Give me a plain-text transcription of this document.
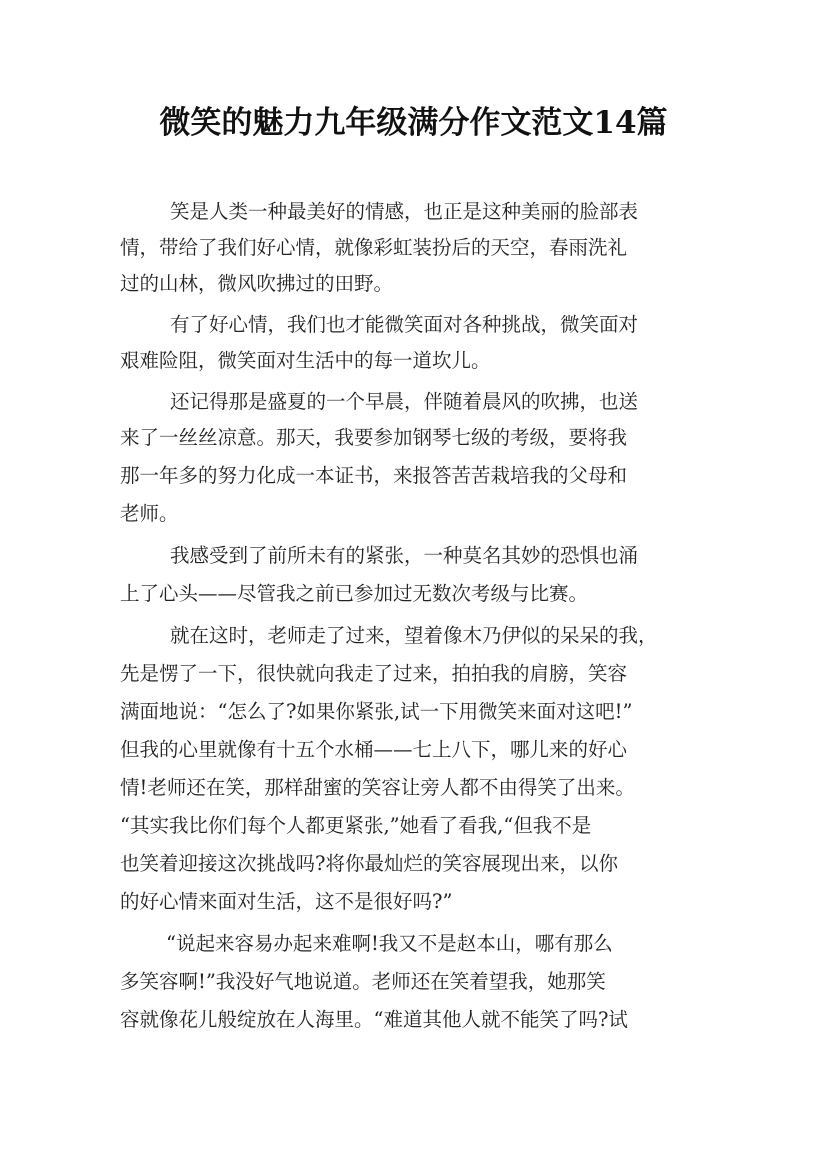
微笑的魅力九年级满分作文范文14篇
笑是人类一种最美好的情感，也正是这种美丽的脸部表
情，带给了我们好心情，就像彩虹装扮后的天空，春雨洗礼
过的山林，微风吹拂过的田野。
有了好心情，我们也才能微笑面对各种挑战，微笑面对
艰难险阻，微笑面对生活中的每一道坎儿。
还记得那是盛夏的一个早晨，伴随着晨风的吹拂，也送
来了一丝丝凉意。那天，我要参加钢琴七级的考级，要将我
那一年多的努力化成一本证书，来报答苦苦栽培我的父母和
老师。
我感受到了前所未有的紧张，一种莫名其妙的恐惧也涌
上了心头——尽管我之前已参加过无数次考级与比赛。
就在这时，老师走了过来，望着像木乃伊似的呆呆的我，
先是愣了一下，很快就向我走了过来，拍拍我的肩膀，笑容
满面地说：“怎么了?如果你紧张,试一下用微笑来面对这吧!”
但我的心里就像有十五个水桶——七上八下，哪儿来的好心
情!老师还在笑，那样甜蜜的笑容让旁人都不由得笑了出来。
“其实我比你们每个人都更紧张,”她看了看我,“但我不是
也笑着迎接这次挑战吗?将你最灿烂的笑容展现出来，以你
的好心情来面对生活，这不是很好吗?”
“说起来容易办起来难啊!我又不是赵本山，哪有那么
多笑容啊!”我没好气地说道。老师还在笑着望我，她那笑
容就像花儿般绽放在人海里。“难道其他人就不能笑了吗?试
